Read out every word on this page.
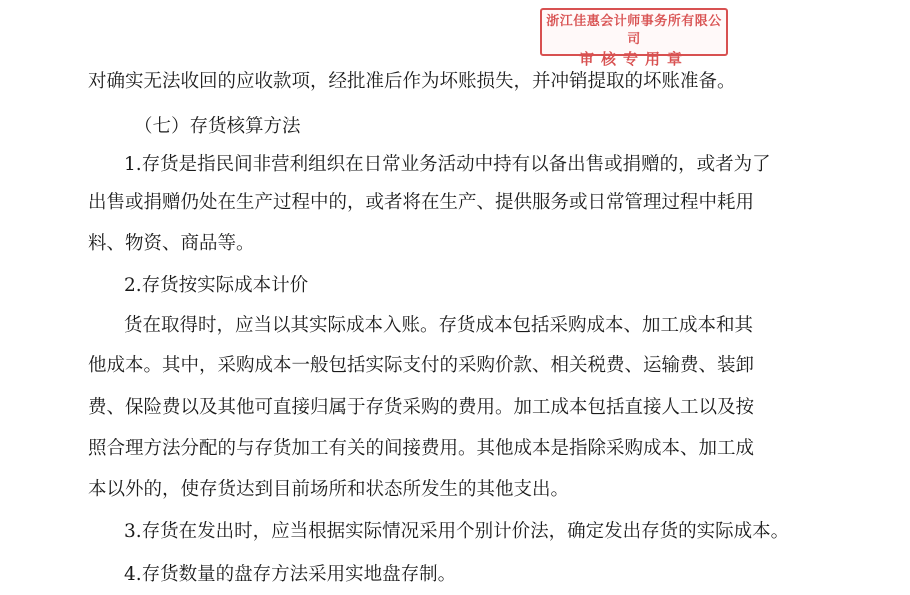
浙江佳惠会计师事务所有限公司
审核专用章
对确实无法收回的应收款项，经批准后作为坏账损失，并冲销提取的坏账准备。
（七）存货核算方法
1.存货是指民间非营利组织在日常业务活动中持有以备出售或捐赠的，或者为了
出售或捐赠仍处在生产过程中的，或者将在生产、提供服务或日常管理过程中耗用
料、物资、商品等。
2.存货按实际成本计价
货在取得时，应当以其实际成本入账。存货成本包括采购成本、加工成本和其
他成本。其中，采购成本一般包括实际支付的采购价款、相关税费、运输费、装卸
费、保险费以及其他可直接归属于存货采购的费用。加工成本包括直接人工以及按
照合理方法分配的与存货加工有关的间接费用。其他成本是指除采购成本、加工成
本以外的，使存货达到目前场所和状态所发生的其他支出。
3.存货在发出时，应当根据实际情况采用个别计价法，确定发出存货的实际成本。
4.存货数量的盘存方法采用实地盘存制。
